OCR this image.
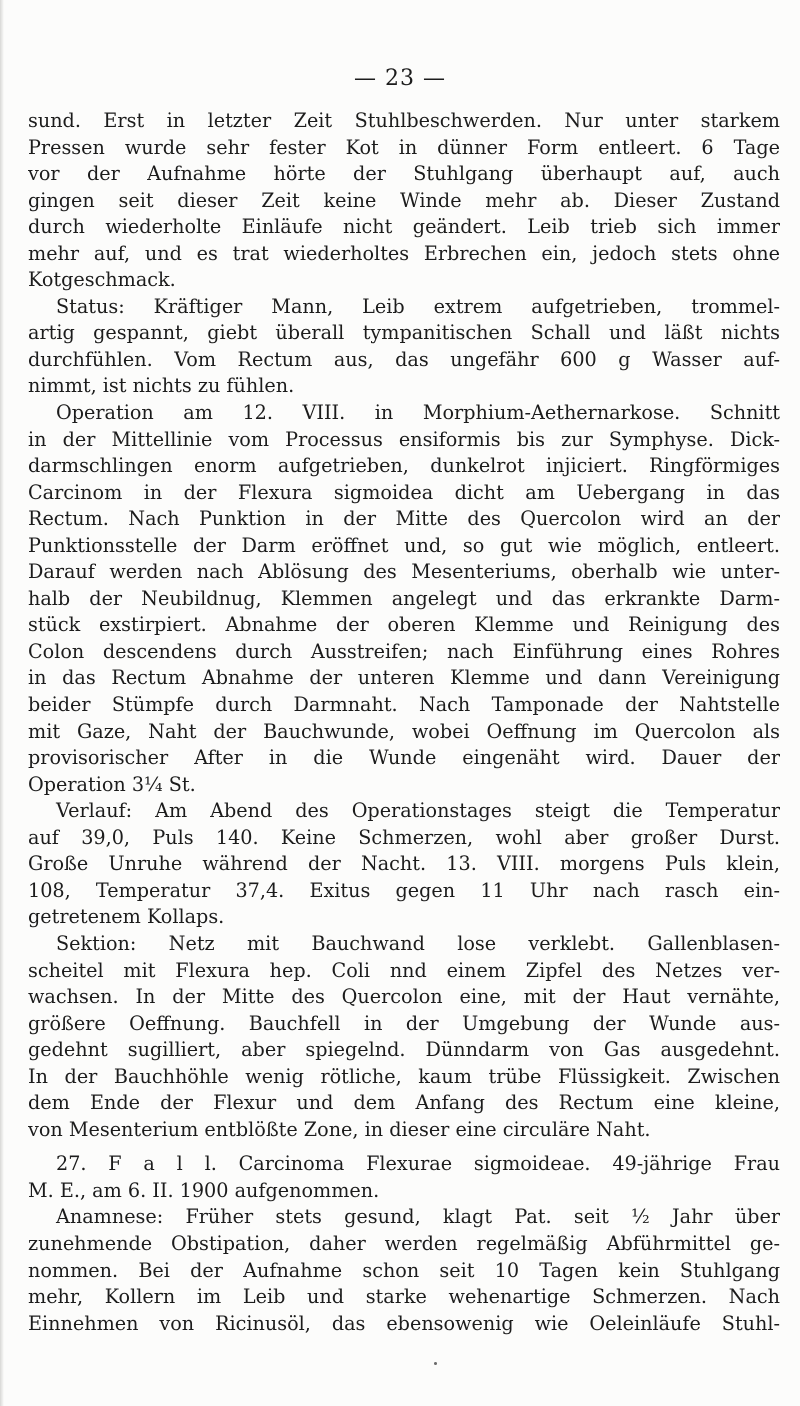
— 23 —
sund. Erst in letzter Zeit Stuhlbeschwerden. Nur unter starkem
Pressen wurde sehr fester Kot in dünner Form entleert. 6 Tage
vor der Aufnahme hörte der Stuhlgang überhaupt auf, auch
gingen seit dieser Zeit keine Winde mehr ab. Dieser Zustand
durch wiederholte Einläufe nicht geändert. Leib trieb sich immer
mehr auf, und es trat wiederholtes Erbrechen ein, jedoch stets ohne
Kotgeschmack.
Status: Kräftiger Mann, Leib extrem aufgetrieben, trommel-
artig gespannt, giebt überall tympanitischen Schall und läßt nichts
durchfühlen. Vom Rectum aus, das ungefähr 600 g Wasser auf-
nimmt, ist nichts zu fühlen.
Operation am 12. VIII. in Morphium-Aethernarkose. Schnitt
in der Mittellinie vom Processus ensiformis bis zur Symphyse. Dick-
darmschlingen enorm aufgetrieben, dunkelrot injiciert. Ringförmiges
Carcinom in der Flexura sigmoidea dicht am Uebergang in das
Rectum. Nach Punktion in der Mitte des Quercolon wird an der
Punktionsstelle der Darm eröffnet und, so gut wie möglich, entleert.
Darauf werden nach Ablösung des Mesenteriums, oberhalb wie unter-
halb der Neubildnug, Klemmen angelegt und das erkrankte Darm-
stück exstirpiert. Abnahme der oberen Klemme und Reinigung des
Colon descendens durch Ausstreifen; nach Einführung eines Rohres
in das Rectum Abnahme der unteren Klemme und dann Vereinigung
beider Stümpfe durch Darmnaht. Nach Tamponade der Nahtstelle
mit Gaze, Naht der Bauchwunde, wobei Oeffnung im Quercolon als
provisorischer After in die Wunde eingenäht wird. Dauer der
Operation 3¼ St.
Verlauf: Am Abend des Operationstages steigt die Temperatur
auf 39,0, Puls 140. Keine Schmerzen, wohl aber großer Durst.
Große Unruhe während der Nacht. 13. VIII. morgens Puls klein,
108, Temperatur 37,4. Exitus gegen 11 Uhr nach rasch ein-
getretenem Kollaps.
Sektion: Netz mit Bauchwand lose verklebt. Gallenblasen-
scheitel mit Flexura hep. Coli nnd einem Zipfel des Netzes ver-
wachsen. In der Mitte des Quercolon eine, mit der Haut vernähte,
größere Oeffnung. Bauchfell in der Umgebung der Wunde aus-
gedehnt sugilliert, aber spiegelnd. Dünndarm von Gas ausgedehnt.
In der Bauchhöhle wenig rötliche, kaum trübe Flüssigkeit. Zwischen
dem Ende der Flexur und dem Anfang des Rectum eine kleine,
von Mesenterium entblößte Zone, in dieser eine circuläre Naht.
27. F a l l. Carcinoma Flexurae sigmoideae. 49-jährige Frau
M. E., am 6. II. 1900 aufgenommen.
Anamnese: Früher stets gesund, klagt Pat. seit ½ Jahr über
zunehmende Obstipation, daher werden regelmäßig Abführmittel ge-
nommen. Bei der Aufnahme schon seit 10 Tagen kein Stuhlgang
mehr, Kollern im Leib und starke wehenartige Schmerzen. Nach
Einnehmen von Ricinusöl, das ebensowenig wie Oeleinläufe Stuhl-
